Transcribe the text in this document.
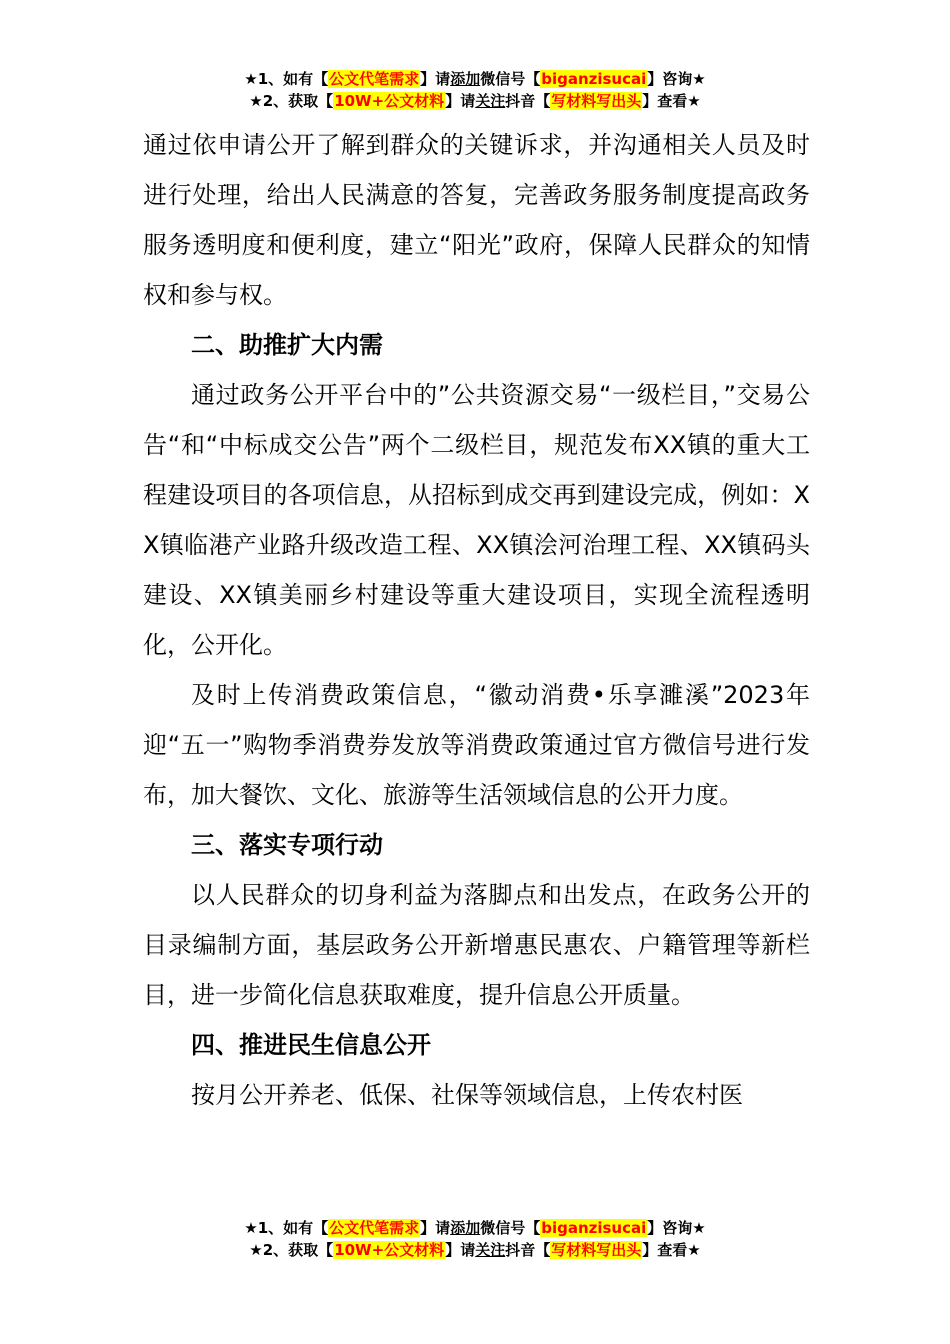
★1、如有【公文代笔需求】请添加微信号【biganzisucai】咨询★
★2、获取【10W+公文材料】请关注抖音【写材料写出头】查看★

通过依申请公开了解到群众的关键诉求，并沟通相关人员及时进行处理，给出人民满意的答复，完善政务服务制度提高政务服务透明度和便利度，建立“阳光”政府，保障人民群众的知情权和参与权。

二、助推扩大内需

通过政务公开平台中的”公共资源交易“一级栏目，”交易公告“和“中标成交公告”两个二级栏目，规范发布XX镇的重大工程建设项目的各项信息，从招标到成交再到建设完成，例如：XX镇临港产业路升级改造工程、XX镇浍河治理工程、XX镇码头建设、XX镇美丽乡村建设等重大建设项目，实现全流程透明化，公开化。

及时上传消费政策信息，“徽动消费•乐享濉溪”2023年迎“五一”购物季消费券发放等消费政策通过官方微信号进行发布，加大餐饮、文化、旅游等生活领域信息的公开力度。

三、落实专项行动

以人民群众的切身利益为落脚点和出发点，在政务公开的目录编制方面，基层政务公开新增惠民惠农、户籍管理等新栏目，进一步简化信息获取难度，提升信息公开质量。

四、推进民生信息公开

按月公开养老、低保、社保等领域信息，上传农村医

★1、如有【公文代笔需求】请添加微信号【biganzisucai】咨询★
★2、获取【10W+公文材料】请关注抖音【写材料写出头】查看★
